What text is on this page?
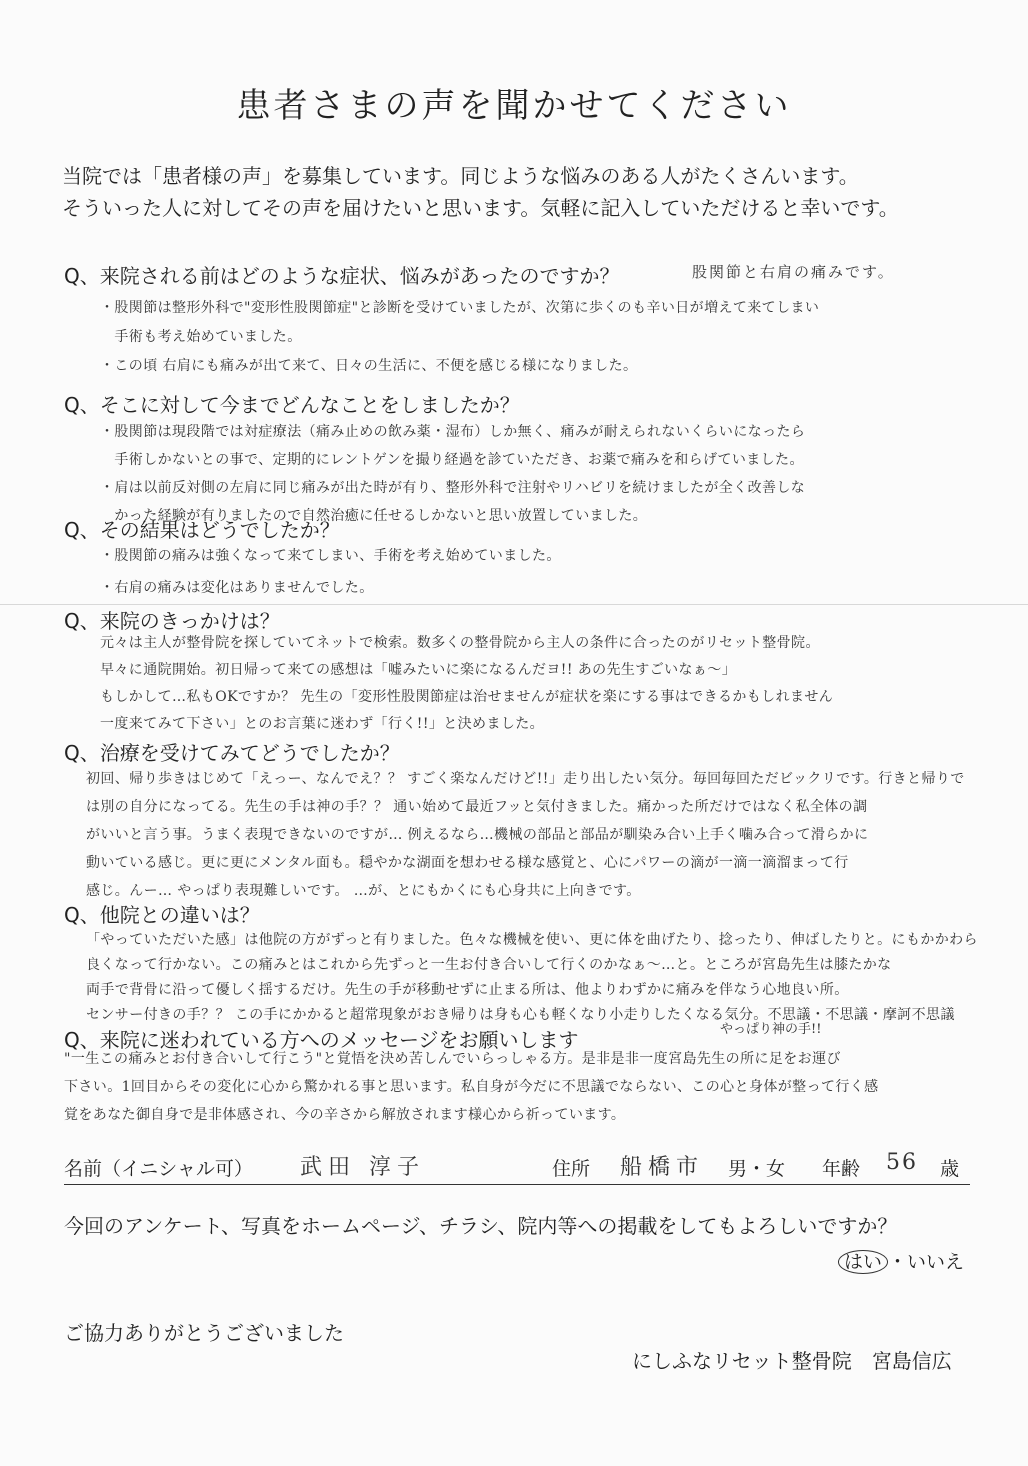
患者さまの声を聞かせてください

当院では「患者様の声」を募集しています。同じような悩みのある人がたくさんいます。

そういった人に対してその声を届けたいと思います。気軽に記入していただけると幸いです。

Q、来院される前はどのような症状、悩みがあったのですか？	股関節と右肩の痛みです。

・股関節は整形外科で"変形性股関節症"と診断を受けていましたが、次第に歩くのも辛い日が増えて来てしまい

　手術も考え始めていました。

・この頃 右肩にも痛みが出て来て、日々の生活に、不便を感じる様になりました。

Q、そこに対して今までどんなことをしましたか？

・股関節は現段階では対症療法（痛み止めの飲み薬・湿布）しか無く、痛みが耐えられないくらいになったら

　手術しかないとの事で、定期的にレントゲンを撮り経過を診ていただき、お薬で痛みを和らげていました。

・肩は以前反対側の左肩に同じ痛みが出た時が有り、整形外科で注射やリハビリを続けましたが全く改善しな

　かった経験が有りましたので自然治癒に任せるしかないと思い放置していました。

Q、その結果はどうでしたか？

・股関節の痛みは強くなって来てしまい、手術を考え始めていました。

・右肩の痛みは変化はありませんでした。

Q、来院のきっかけは？

元々は主人が整骨院を探していてネットで検索。数多くの整骨院から主人の条件に合ったのがリセット整骨院。

早々に通院開始。初日帰って来ての感想は「嘘みたいに楽になるんだヨ!! あの先生すごいなぁ～」

もしかして…私もOKですか？ 先生の「変形性股関節症は治せませんが症状を楽にする事はできるかもしれません

一度来てみて下さい」とのお言葉に迷わず「行く!!」と決めました。

Q、治療を受けてみてどうでしたか？

初回、帰り歩きはじめて「えっー、なんでえ？？ すごく楽なんだけど!!」走り出したい気分。毎回毎回ただビックリです。行きと帰りで

は別の自分になってる。先生の手は神の手？？ 通い始めて最近フッと気付きました。痛かった所だけではなく私全体の調

がいいと言う事。うまく表現できないのですが… 例えるなら…機械の部品と部品が馴染み合い上手く噛み合って滑らかに

動いている感じ。更に更にメンタル面も。穏やかな湖面を想わせる様な感覚と、心にパワーの滴が一滴一滴溜まって行

感じ。んー… やっぱり表現難しいです。 …が、とにもかくにも心身共に上向きです。

Q、他院との違いは？

「やっていただいた感」は他院の方がずっと有りました。色々な機械を使い、更に体を曲げたり、捻ったり、伸ばしたりと。にもかかわら

良くなって行かない。この痛みとはこれから先ずっと一生お付き合いして行くのかなぁ～…と。ところが宮島先生は膝たかな

両手で背骨に沿って優しく揺するだけ。先生の手が移動せずに止まる所は、他よりわずかに痛みを伴なう心地良い所。

センサー付きの手？？ この手にかかると超常現象がおき帰りは身も心も軽くなり小走りしたくなる気分。不思議・不思議・摩訶不思議

やっぱり神の手!!
Q、来院に迷われている方へのメッセージをお願いします

"一生この痛みとお付き合いして行こう"と覚悟を決め苦しんでいらっしゃる方。是非是非一度宮島先生の所に足をお運び

下さい。1回目からその変化に心から驚かれる事と思います。私自身が今だに不思議でならない、この心と身体が整って行く感

覚をあなた御自身で是非体感され、今の辛さから解放されます様心から祈っています。

名前（イニシャル可） 武田 淳子	住所 船橋市 男・女 年齢 56 歳
今回のアンケート、写真をホームページ、チラシ、院内等への掲載をしてもよろしいですか？
はい ・いいえ
ご協力ありがとうございました
にしふなリセット整骨院　宮島信広
